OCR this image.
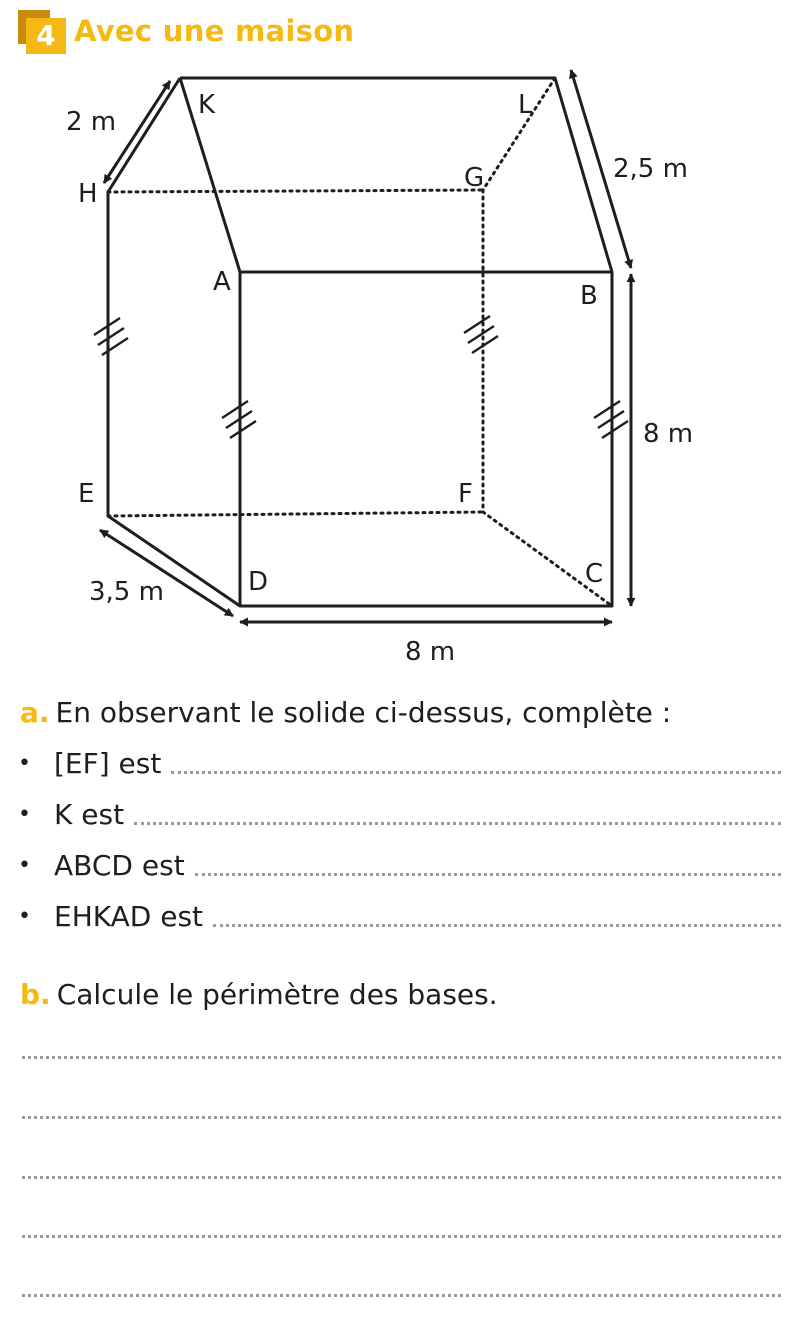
4 Avec une maison
K	L
H
G
A	B
E	F
D	C
2 m
2,5 m
8 m
3,5 m
8 m
a. En observant le solide ci-dessus, complète :
• [EF] est
• K est
• ABCD est
• EHKAD est
b. Calcule le périmètre des bases.
